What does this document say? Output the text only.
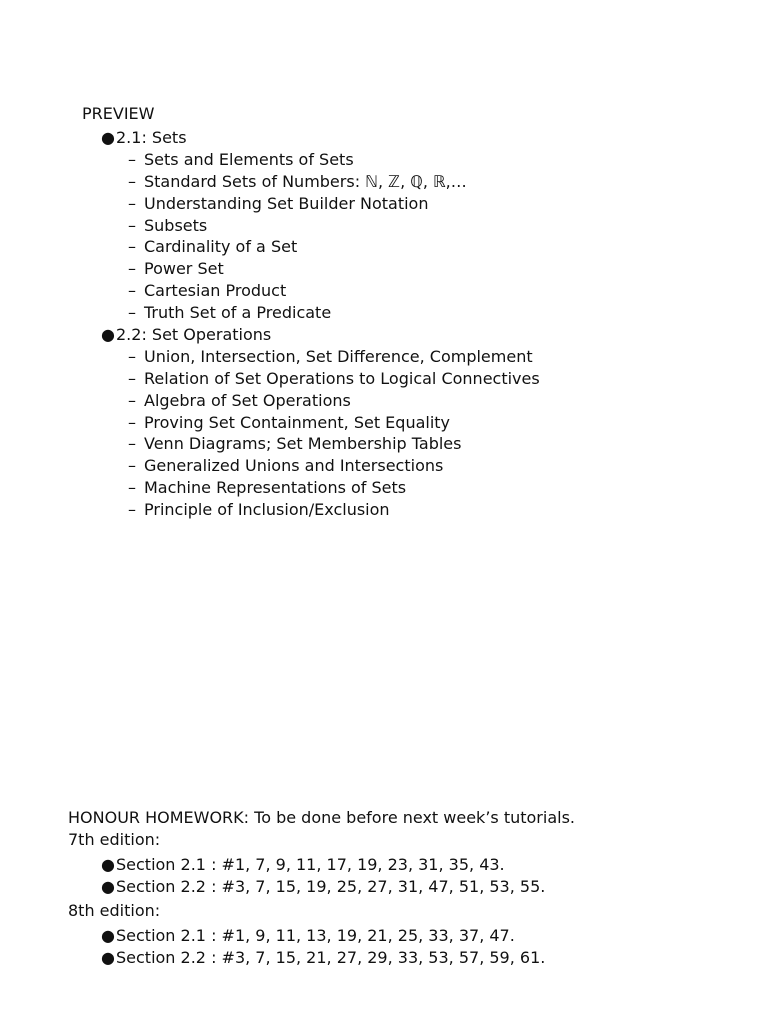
PREVIEW
● 2.1: Sets
– Sets and Elements of Sets
– Standard Sets of Numbers: ℕ, ℤ, ℚ, ℝ,…
– Understanding Set Builder Notation
– Subsets
– Cardinality of a Set
– Power Set
– Cartesian Product
– Truth Set of a Predicate
● 2.2: Set Operations
– Union, Intersection, Set Difference, Complement
– Relation of Set Operations to Logical Connectives
– Algebra of Set Operations
– Proving Set Containment, Set Equality
– Venn Diagrams; Set Membership Tables
– Generalized Unions and Intersections
– Machine Representations of Sets
– Principle of Inclusion/Exclusion
HONOUR HOMEWORK: To be done before next week’s tutorials.
7th edition:
● Section 2.1 : #1, 7, 9, 11, 17, 19, 23, 31, 35, 43.
● Section 2.2 : #3, 7, 15, 19, 25, 27, 31, 47, 51, 53, 55.
8th edition:
● Section 2.1 : #1, 9, 11, 13, 19, 21, 25, 33, 37, 47.
● Section 2.2 : #3, 7, 15, 21, 27, 29, 33, 53, 57, 59, 61.
